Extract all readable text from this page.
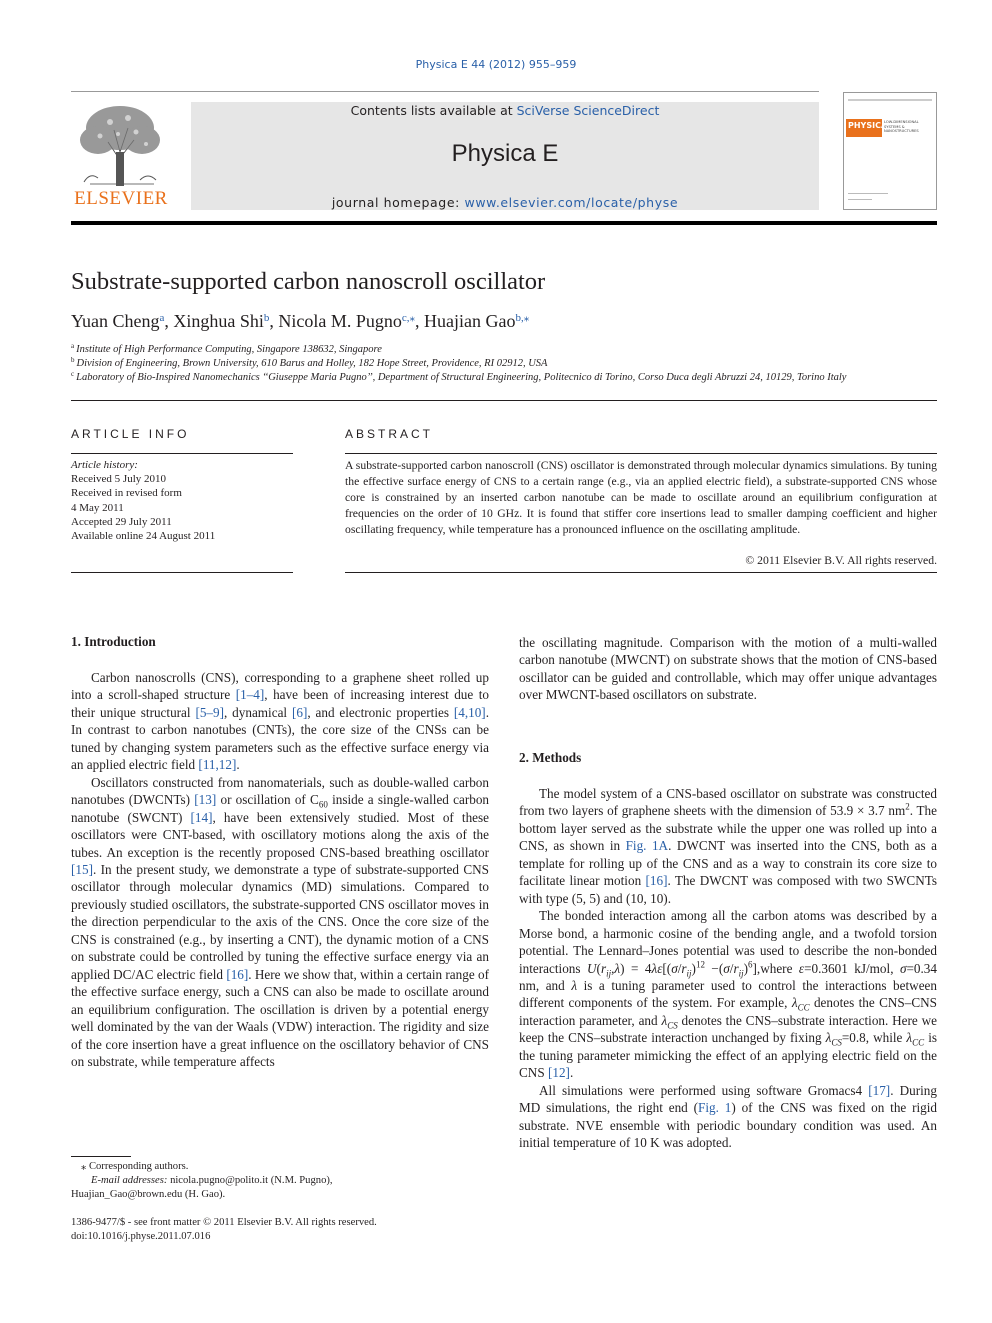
Physica E 44 (2012) 955–959
ELSEVIER
Contents lists available at SciVerse ScienceDirect
Physica E
journal homepage: www.elsevier.com/locate/physe
PHYSICA
LOW-DIMENSIONAL SYSTEMS & NANOSTRUCTURES
Substrate-supported carbon nanoscroll oscillator
Yuan Cheng$^a$, Xinghua Shi$^b$, Nicola M. Pugno$^{c,⁎}$, Huajian Gao$^{b,⁎}$
$^a$ Institute of High Performance Computing, Singapore 138632, Singapore
$^b$ Division of Engineering, Brown University, 610 Barus and Holley, 182 Hope Street, Providence, RI 02912, USA
$^c$ Laboratory of Bio-Inspired Nanomechanics ‘‘Giuseppe Maria Pugno’’, Department of Structural Engineering, Politecnico di Torino, Corso Duca degli Abruzzi 24, 10129, Torino Italy
ARTICLE INFO
Article history:
Received 5 July 2010
Received in revised form
4 May 2011
Accepted 29 July 2011
Available online 24 August 2011
ABSTRACT
A substrate-supported carbon nanoscroll (CNS) oscillator is demonstrated through molecular dynamics simulations. By tuning the effective surface energy of CNS to a certain range (e.g., via an applied electric field), a substrate-supported CNS whose core is constrained by an inserted carbon nanotube can be made to oscillate around an equilibrium configuration at frequencies on the order of 10 GHz. It is found that stiffer core insertions lead to smaller damping coefficient and higher oscillating frequency, while temperature has a pronounced influence on the oscillating amplitude.
© 2011 Elsevier B.V. All rights reserved.
1. Introduction

Carbon nanoscrolls (CNS), corresponding to a graphene sheet rolled up into a scroll-shaped structure [1–4], have been of increasing interest due to their unique structural [5–9], dynamical [6], and electronic properties [4,10]. In contrast to carbon nanotubes (CNTs), the core size of the CNSs can be tuned by changing system parameters such as the effective surface energy via an applied electric field [11,12].

Oscillators constructed from nanomaterials, such as double-walled carbon nanotubes (DWCNTs) [13] or oscillation of $C_{60}$ inside a single-walled carbon nanotube (SWCNT) [14], have been extensively studied. Most of these oscillators were CNT-based, with oscillatory motions along the axis of the tubes. An exception is the recently proposed CNS-based breathing oscillator [15]. In the present study, we demonstrate a type of substrate-supported CNS oscillator through molecular dynamics (MD) simulations. Compared to previously studied oscillators, the substrate-supported CNS oscillator moves in the direction perpendicular to the axis of the CNS. Once the core size of the CNS is constrained (e.g., by inserting a CNT), the dynamic motion of a CNS on substrate could be controlled by tuning the effective surface energy via an applied DC/AC electric field [16]. Here we show that, within a certain range of the effective surface energy, such a CNS can also be made to oscillate around an equilibrium configuration. The oscillation is driven by a potential energy well dominated by the van der Waals (VDW) interaction. The rigidity and size of the core insertion have a great influence on the oscillatory behavior of CNS on substrate, while temperature affects

the oscillating magnitude. Comparison with the motion of a multi-walled carbon nanotube (MWCNT) on substrate shows that the motion of CNS-based oscillator can be guided and controllable, which may offer unique advantages over MWCNT-based oscillators on substrate.

2. Methods

The model system of a CNS-based oscillator on substrate was constructed from two layers of graphene sheets with the dimension of 53.9 × 3.7 $nm^2$. The bottom layer served as the substrate while the upper one was rolled up into a CNS, as shown in Fig. 1A. DWCNT was inserted into the CNS, both as a template for rolling up of the CNS and as a way to constrain its core size to facilitate linear motion [16]. The DWCNT was composed with two SWCNTs with type (5, 5) and (10, 10).

The bonded interaction among all the carbon atoms was described by a Morse bond, a harmonic cosine of the bending angle, and a twofold torsion potential. The Lennard–Jones potential was used to describe the non-bonded interactions $U(r_{ij},\lambda) = 4\lambda\varepsilon[(\sigma/r_{ij})^{12}$ $-(\sigma/r_{ij})^6],where$ ε=0.3601 kJ/mol, σ=0.34 nm, and λ is a tuning parameter used to control the interactions between different components of the system. For example, $\lambda_{CC}$ denotes the CNS–CNS interaction parameter, and $\lambda_{CS}$ denotes the CNS–substrate interaction. Here we keep the CNS–substrate interaction unchanged by fixing $\lambda_{CS}=0.8$, while $\lambda_{CC}$ is the tuning parameter mimicking the effect of an applying electric field on the CNS [12].

All simulations were performed using software Gromacs4 [17]. During MD simulations, the right end (Fig. 1) of the CNS was fixed on the rigid substrate. NVE ensemble with periodic boundary condition was used. An initial temperature of 10 K was adopted.

⁎ Corresponding authors.
E-mail addresses: nicola.pugno@polito.it (N.M. Pugno),
Huajian_Gao@brown.edu (H. Gao).
1386-9477/$ - see front matter © 2011 Elsevier B.V. All rights reserved.
doi:10.1016/j.physe.2011.07.016
